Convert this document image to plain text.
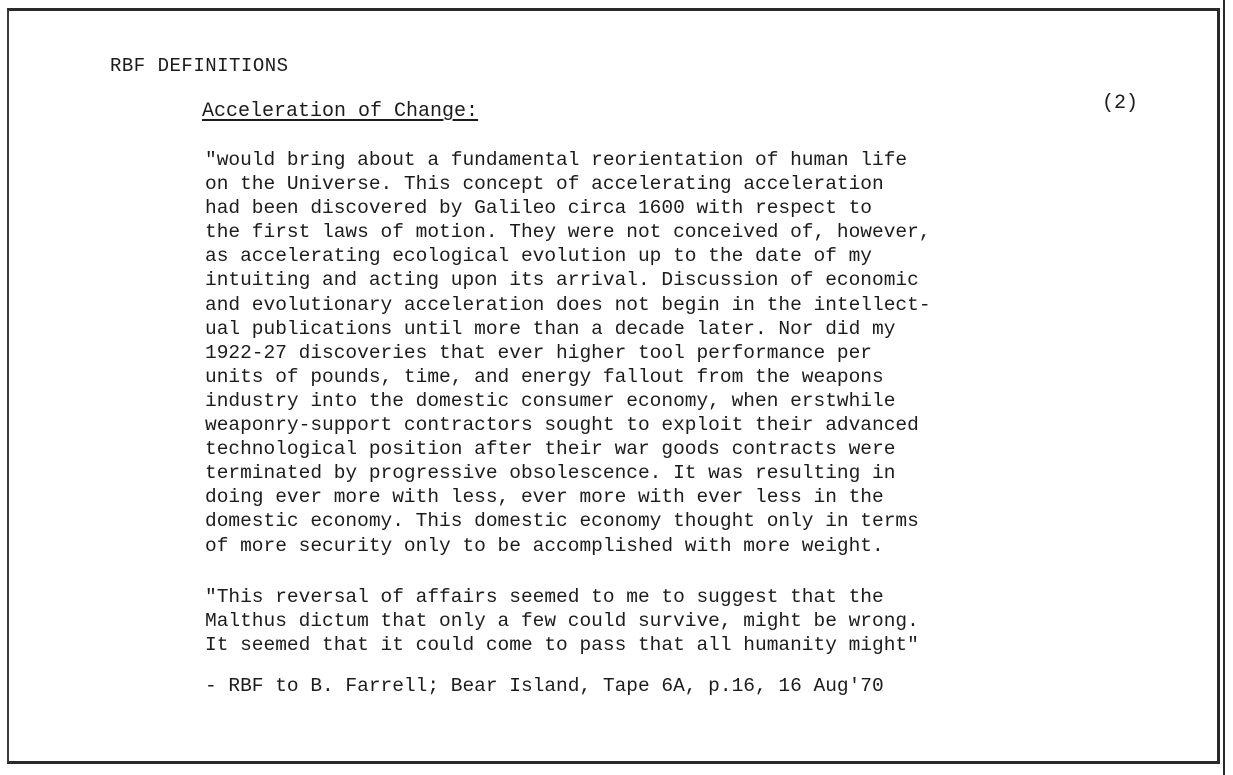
RBF DEFINITIONS
Acceleration of Change:	(2)
"would bring about a fundamental reorientation of human life
on the Universe. This concept of accelerating acceleration
had been discovered by Galileo circa 1600 with respect to
the first laws of motion. They were not conceived of, however,
as accelerating ecological evolution up to the date of my
intuiting and acting upon its arrival. Discussion of economic
and evolutionary acceleration does not begin in the intellect-
ual publications until more than a decade later. Nor did my
1922-27 discoveries that ever higher tool performance per
units of pounds, time, and energy fallout from the weapons
industry into the domestic consumer economy, when erstwhile
weaponry-support contractors sought to exploit their advanced
technological position after their war goods contracts were
terminated by progressive obsolescence. It was resulting in
doing ever more with less, ever more with ever less in the
domestic economy. This domestic economy thought only in terms
of more security only to be accomplished with more weight.
"This reversal of affairs seemed to me to suggest that the
Malthus dictum that only a few could survive, might be wrong.
It seemed that it could come to pass that all humanity might"
- RBF to B. Farrell; Bear Island, Tape 6A, p.16, 16 Aug'70
